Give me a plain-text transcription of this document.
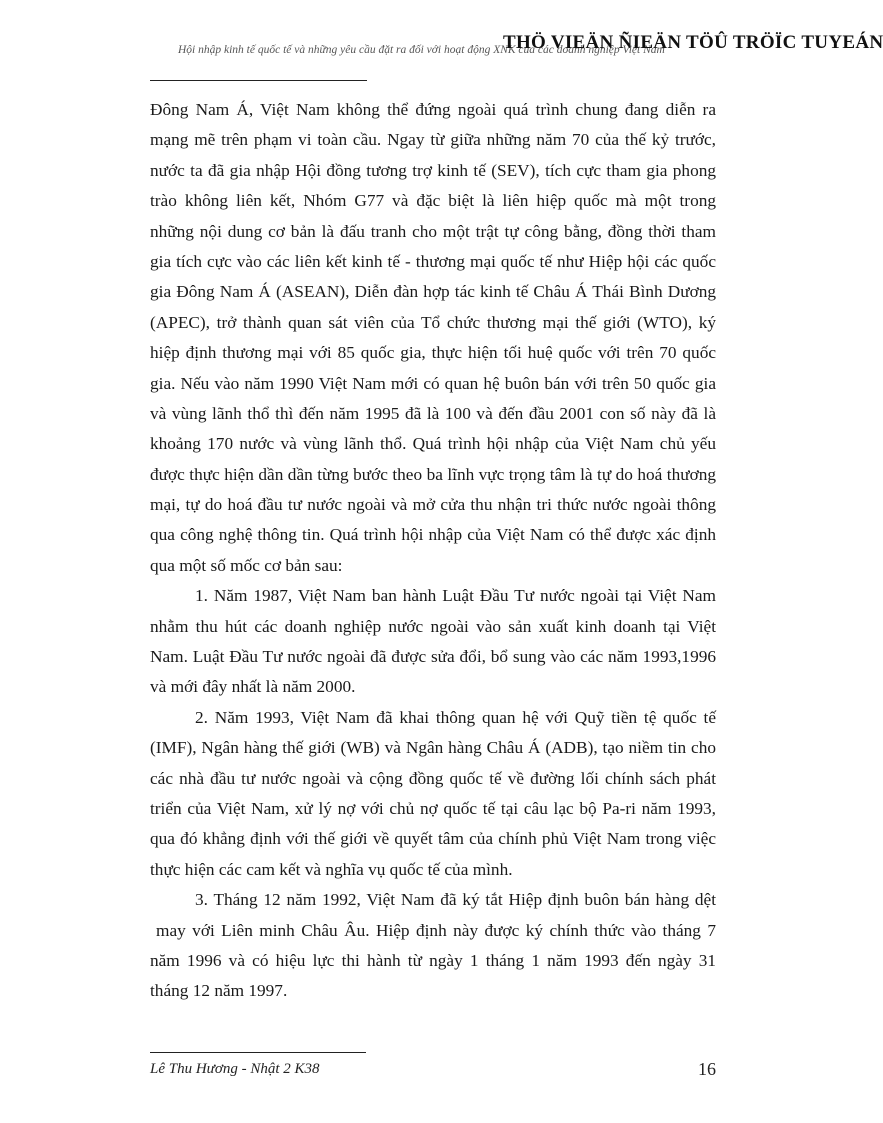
Hội nhập kinh tế quốc tế và những yêu cầu đặt ra đối với hoạt động XNK của các doanh nghiệp Việt Nam
THÖ VIEÄN ÑIEÄN TÖÛ TRÖÏC TUYEÁN
Đông Nam Á, Việt Nam không thể đứng ngoài quá trình chung đang diễn ra
mạng mẽ trên phạm vi toàn cầu. Ngay từ giữa những năm 70 của thế kỷ trước,
nước ta đã gia nhập Hội đồng tương trợ kinh tế (SEV), tích cực tham gia phong
trào không liên kết, Nhóm G77 và đặc biệt là liên hiệp quốc mà một trong
những nội dung cơ bản là đấu tranh cho một trật tự công bằng, đồng thời tham
gia tích cực vào các liên kết kinh tế - thương mại quốc tế như Hiệp hội các quốc
gia Đông Nam Á (ASEAN), Diễn đàn hợp tác kinh tế Châu Á Thái Bình Dương
(APEC), trở thành quan sát viên của Tổ chức thương mại thế giới (WTO), ký
hiệp định thương mại với 85 quốc gia, thực hiện tối huệ quốc với trên 70 quốc
gia. Nếu vào năm 1990 Việt Nam mới có quan hệ buôn bán với trên 50 quốc gia
và vùng lãnh thổ thì đến năm 1995 đã là 100 và đến đầu 2001 con số này đã là
khoảng 170 nước và vùng lãnh thổ. Quá trình hội nhập của Việt Nam chủ yếu
được thực hiện dần dần từng bước theo ba lĩnh vực trọng tâm là tự do hoá thương
mại, tự do hoá đầu tư nước ngoài và mở cửa thu nhận tri thức nước ngoài thông
qua công nghệ thông tin. Quá trình hội nhập của Việt Nam có thể được xác định
qua một số mốc cơ bản sau:
1. Năm 1987, Việt Nam ban hành Luật Đầu Tư nước ngoài tại Việt Nam
nhằm thu hút các doanh nghiệp nước ngoài vào sản xuất kinh doanh tại Việt
Nam. Luật Đầu Tư nước ngoài đã được sửa đổi, bổ sung vào các năm 1993,1996
và mới đây nhất là năm 2000.
2. Năm 1993, Việt Nam đã khai thông quan hệ với Quỹ tiền tệ quốc tế
(IMF), Ngân hàng thế giới (WB) và Ngân hàng Châu Á (ADB), tạo niềm tin cho
các nhà đầu tư nước ngoài và cộng đồng quốc tế về đường lối chính sách phát
triển của Việt Nam, xử lý nợ với chủ nợ quốc tế tại câu lạc bộ Pa-ri năm 1993,
qua đó khẳng định với thế giới về quyết tâm của chính phủ Việt Nam trong việc
thực hiện các cam kết và nghĩa vụ quốc tế của mình.
3. Tháng 12 năm 1992, Việt Nam đã ký tắt Hiệp định buôn bán hàng dệt
may với Liên minh Châu Âu. Hiệp định này được ký chính thức vào tháng 7
năm 1996 và có hiệu lực thi hành từ ngày 1 tháng 1 năm 1993 đến ngày 31
tháng 12 năm 1997.
Lê Thu Hương - Nhật 2 K38	16
